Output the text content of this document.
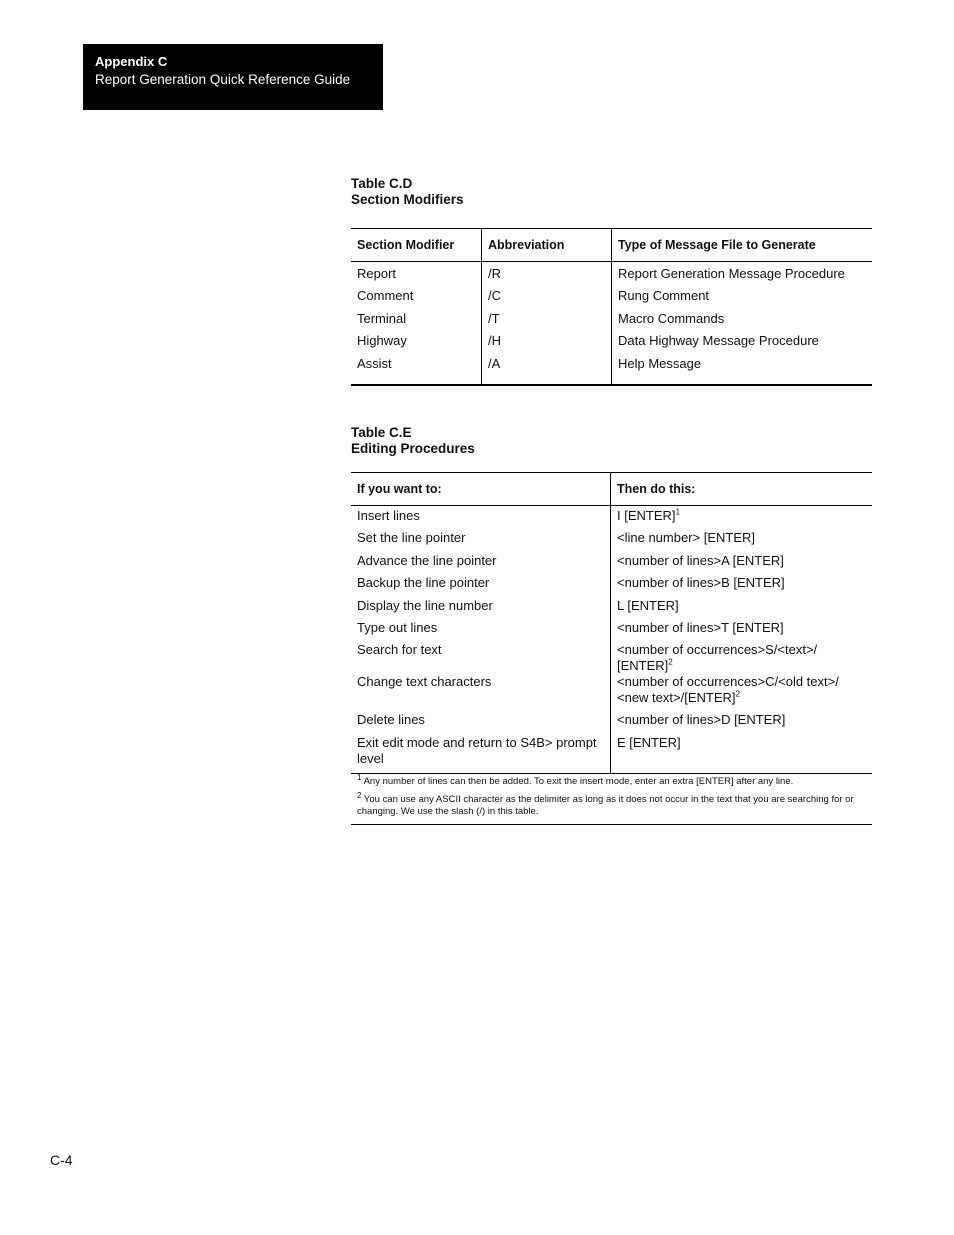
Appendix C
Report Generation Quick Reference Guide
Table C.D
Section Modifiers
Section Modifier	Abbreviation	Type of Message File to Generate
Report	/R	Report Generation Message Procedure
Comment	/C	Rung Comment
Terminal	/T	Macro Commands
Highway	/H	Data Highway Message Procedure
Assist	/A	Help Message
Table C.E
Editing Procedures
If you want to:	Then do this:
Insert lines	I [ENTER]$^1$
Set the line pointer	<line number> [ENTER]
Advance the line pointer	<number of lines>A [ENTER]
Backup the line pointer	<number of lines>B [ENTER]
Display the line number	L [ENTER]
Type out lines	<number of lines>T [ENTER]
Search for text	<number of occurrences>S/<text>/ [ENTER]$^2$
Change text characters	<number of occurrences>C/<old text>/
<new text>/[ENTER]$^2$
Delete lines	<number of lines>D [ENTER]
Exit edit mode and return to S4B> prompt level	E [ENTER]

$^1$ Any number of lines can then be added. To exit the insert mode, enter an extra [ENTER] after any line.
$^2$ You can use any ASCII character as the delimiter as long as it does not occur in the text that you are searching for or changing. We use the slash (/) in this table.	
C-4
